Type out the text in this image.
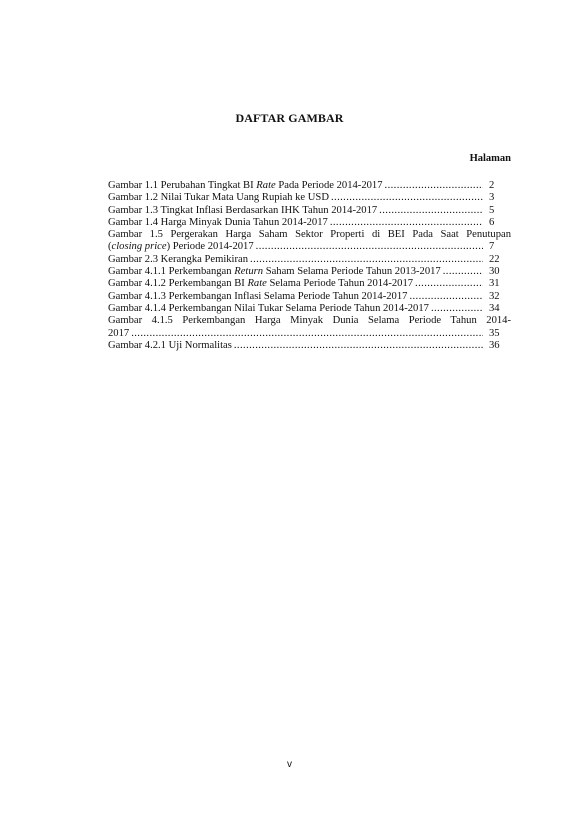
DAFTAR GAMBAR
Halaman
Gambar 1.1 Perubahan Tingkat BI Rate Pada Periode 2014-2017 .....	2
Gambar 1.2 Nilai Tukar Mata Uang Rupiah ke USD .....	3
Gambar 1.3 Tingkat Inflasi Berdasarkan IHK Tahun 2014-2017 .....	5
Gambar 1.4 Harga Minyak Dunia Tahun 2014-2017 .....	6
Gambar 1.5 Pergerakan Harga Saham Sektor Properti di BEI Pada Saat Penutupan
(closing price) Periode 2014-2017 .....	7
Gambar 2.3 Kerangka Pemikiran .....	22
Gambar 4.1.1 Perkembangan Return Saham Selama Periode Tahun 2013-2017 .....	30
Gambar 4.1.2 Perkembangan BI Rate Selama Periode Tahun 2014-2017 .....	31
Gambar 4.1.3 Perkembangan Inflasi Selama Periode Tahun 2014-2017 .....	32
Gambar 4.1.4 Perkembangan Nilai Tukar Selama Periode Tahun 2014-2017 .....	34
Gambar 4.1.5 Perkembangan Harga Minyak Dunia Selama Periode Tahun 2014-
2017 .....	35
Gambar 4.2.1 Uji Normalitas .....	36
v
